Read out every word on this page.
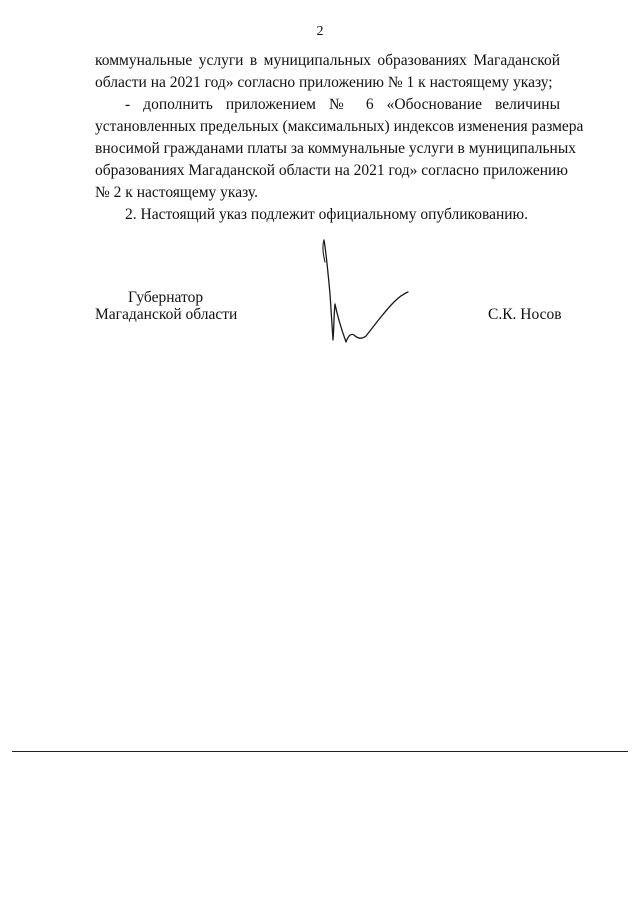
2
коммунальные услуги в муниципальных образованиях Магаданской
области на 2021 год» согласно приложению № 1 к настоящему указу;
- дополнить приложением № 6 «Обоснование величины
установленных предельных (максимальных) индексов изменения размера
вносимой гражданами платы за коммунальные услуги в муниципальных
образованиях Магаданской области на 2021 год» согласно приложению
№ 2 к настоящему указу.
2. Настоящий указ подлежит официальному опубликованию.
Губернатор
Магаданской области	С.К. Носов
